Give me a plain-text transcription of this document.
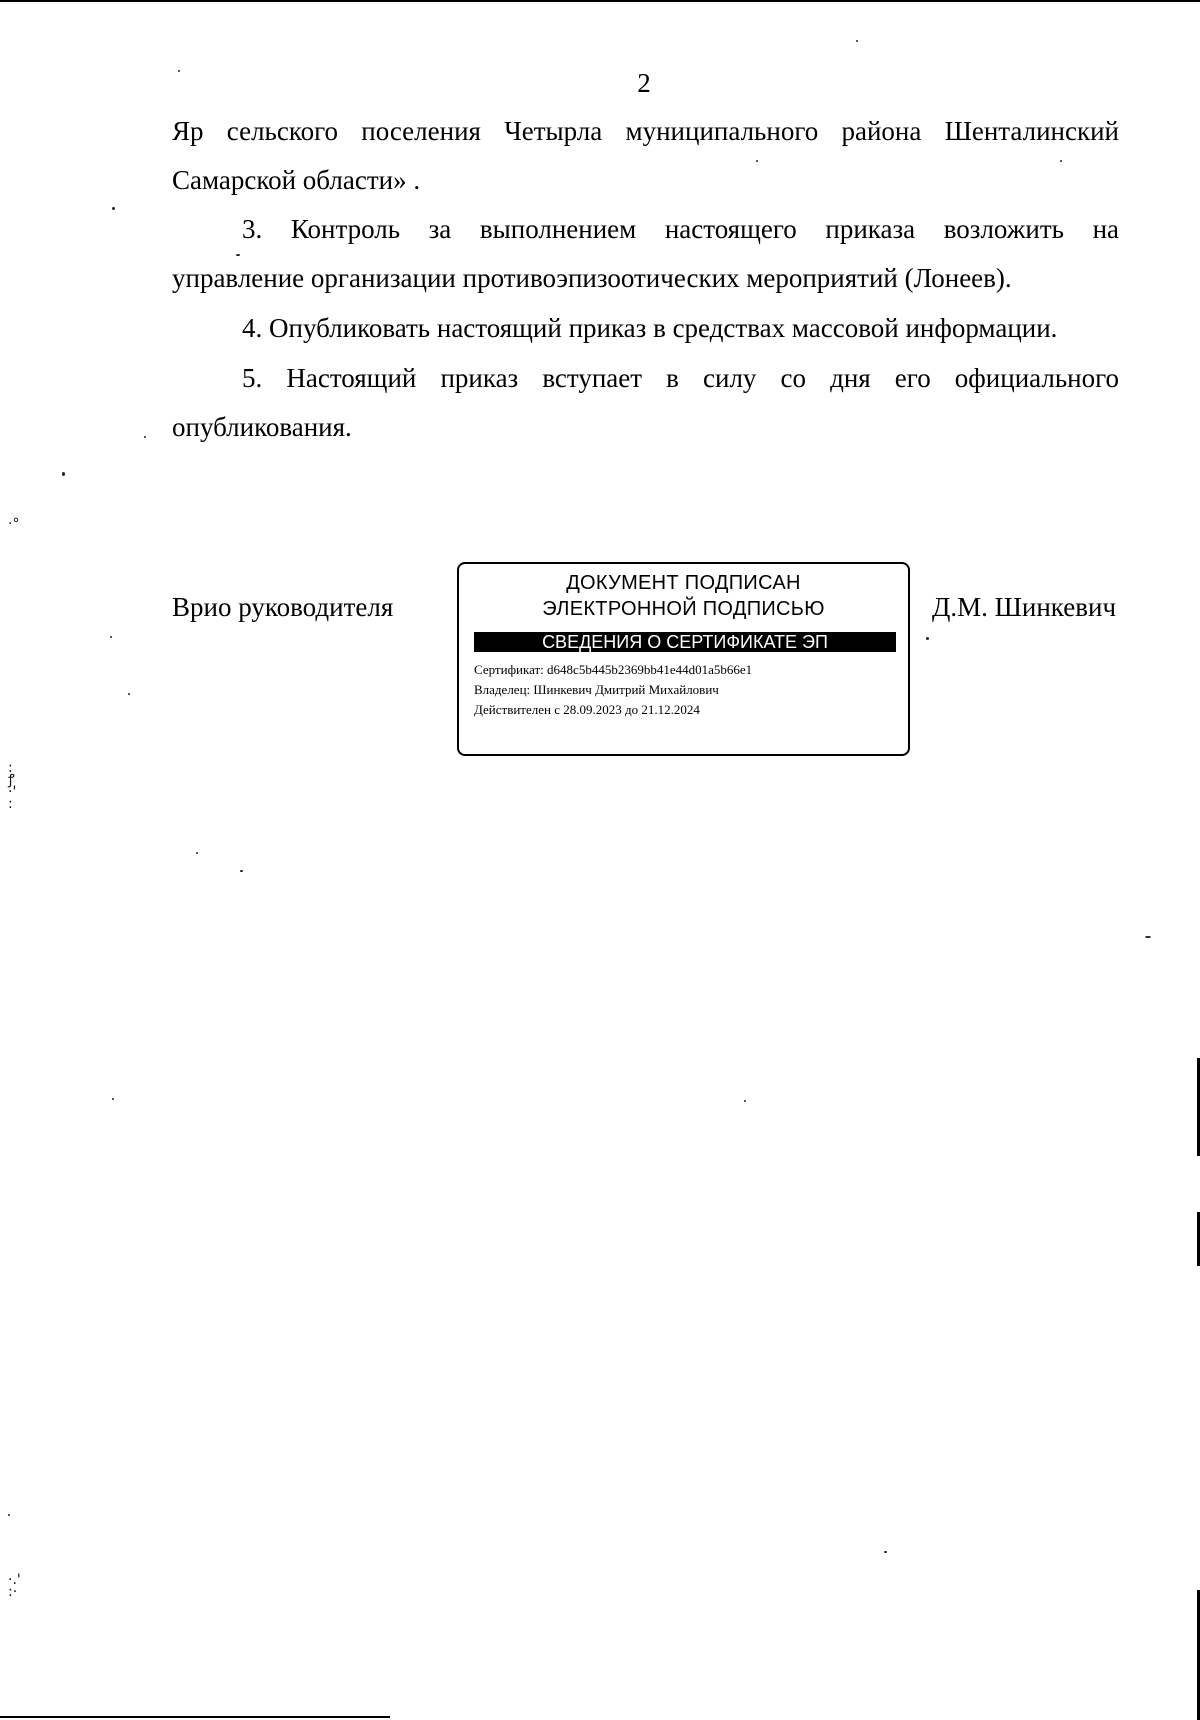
2
Яр сельского поселения Четырла муниципального района Шенталинский
Самарской области» .
3. Контроль за выполнением настоящего приказа возложить на
управление организации противоэпизоотических мероприятий (Лонеев).
4. Опубликовать настоящий приказ в средствах массовой информации.
5. Настоящий приказ вступает в силу со дня его официального
опубликования.
Врио руководителя
ДОКУМЕНТ ПОДПИСАН
ЭЛЕКТРОННОЙ ПОДПИСЬЮ
СВЕДЕНИЯ О СЕРТИФИКАТЕ ЭП
Сертификат: d648c5b445b2369bb41e44d01a5b66e1
Владелец: Шинкевич Дмитрий Михайлович
Действителен с 28.09.2023 до 21.12.2024
Д.М. Шинкевич
·°
:
ꝭ
·ꞌ
:
·.ꞌ
:·
